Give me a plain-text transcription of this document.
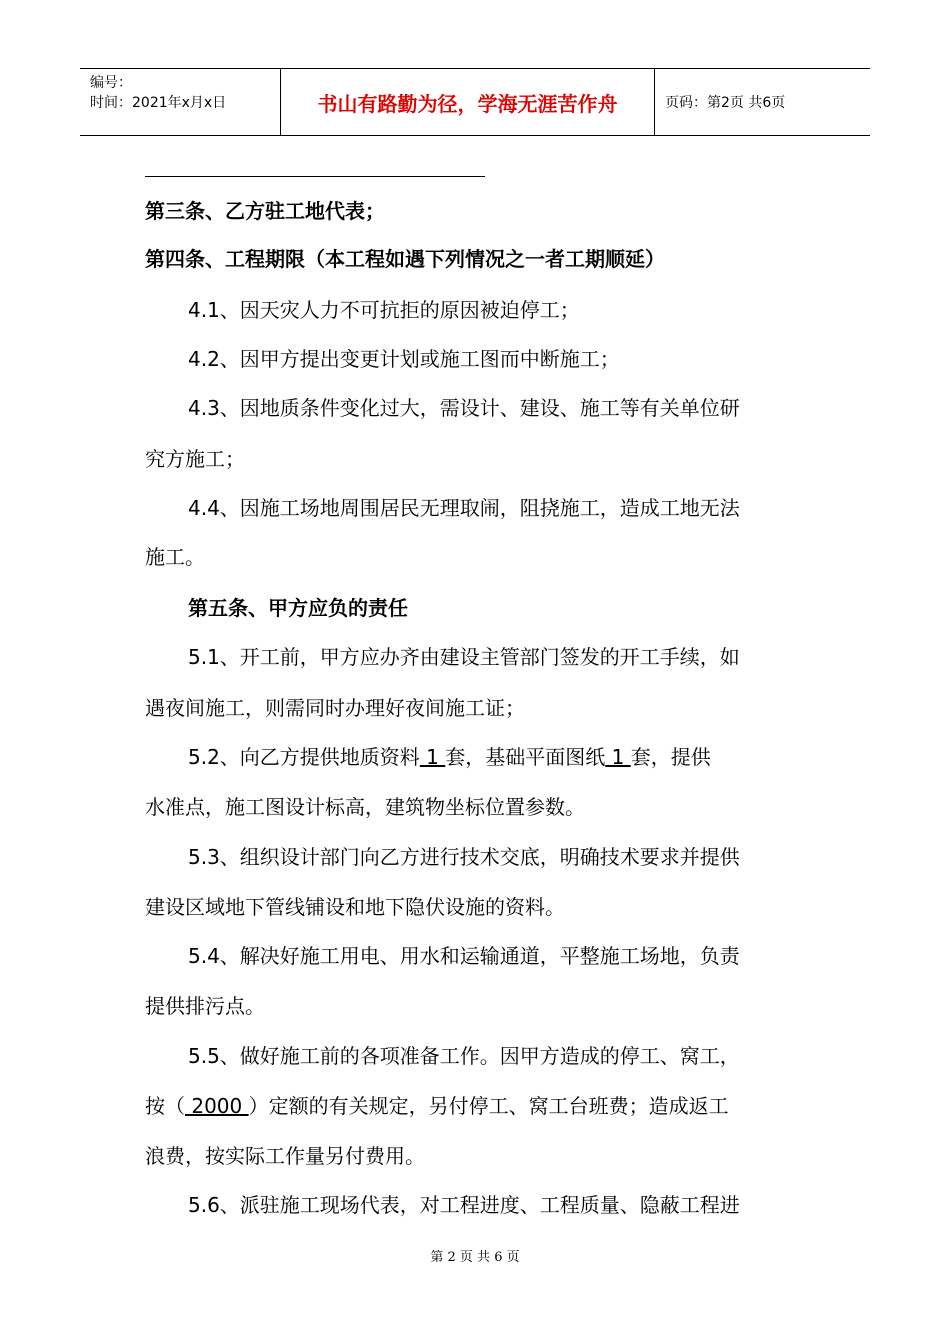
编号：
时间：2021年x月x日	书山有路勤为径，学海无涯苦作舟	页码：第2页 共6页
第三条、乙方驻工地代表；
第四条、工程期限（本工程如遇下列情况之一者工期顺延）
4.1、因天灾人力不可抗拒的原因被迫停工；
4.2、因甲方提出变更计划或施工图而中断施工；
4.3、因地质条件变化过大，需设计、建设、施工等有关单位研
究方施工；
4.4、因施工场地周围居民无理取闹，阻挠施工，造成工地无法
施工。
第五条、甲方应负的责任
5.1、开工前，甲方应办齐由建设主管部门签发的开工手续，如
遇夜间施工，则需同时办理好夜间施工证；
5.2、向乙方提供地质资料 1 套，基础平面图纸 1 套，提供
水准点，施工图设计标高，建筑物坐标位置参数。
5.3、组织设计部门向乙方进行技术交底，明确技术要求并提供
建设区域地下管线铺设和地下隐伏设施的资料。
5.4、解决好施工用电、用水和运输通道，平整施工场地，负责
提供排污点。
5.5、做好施工前的各项准备工作。因甲方造成的停工、窝工，
按（ 2000 ）定额的有关规定，另付停工、窝工台班费；造成返工
浪费，按实际工作量另付费用。
5.6、派驻施工现场代表，对工程进度、工程质量、隐蔽工程进
第 2 页 共 6 页
